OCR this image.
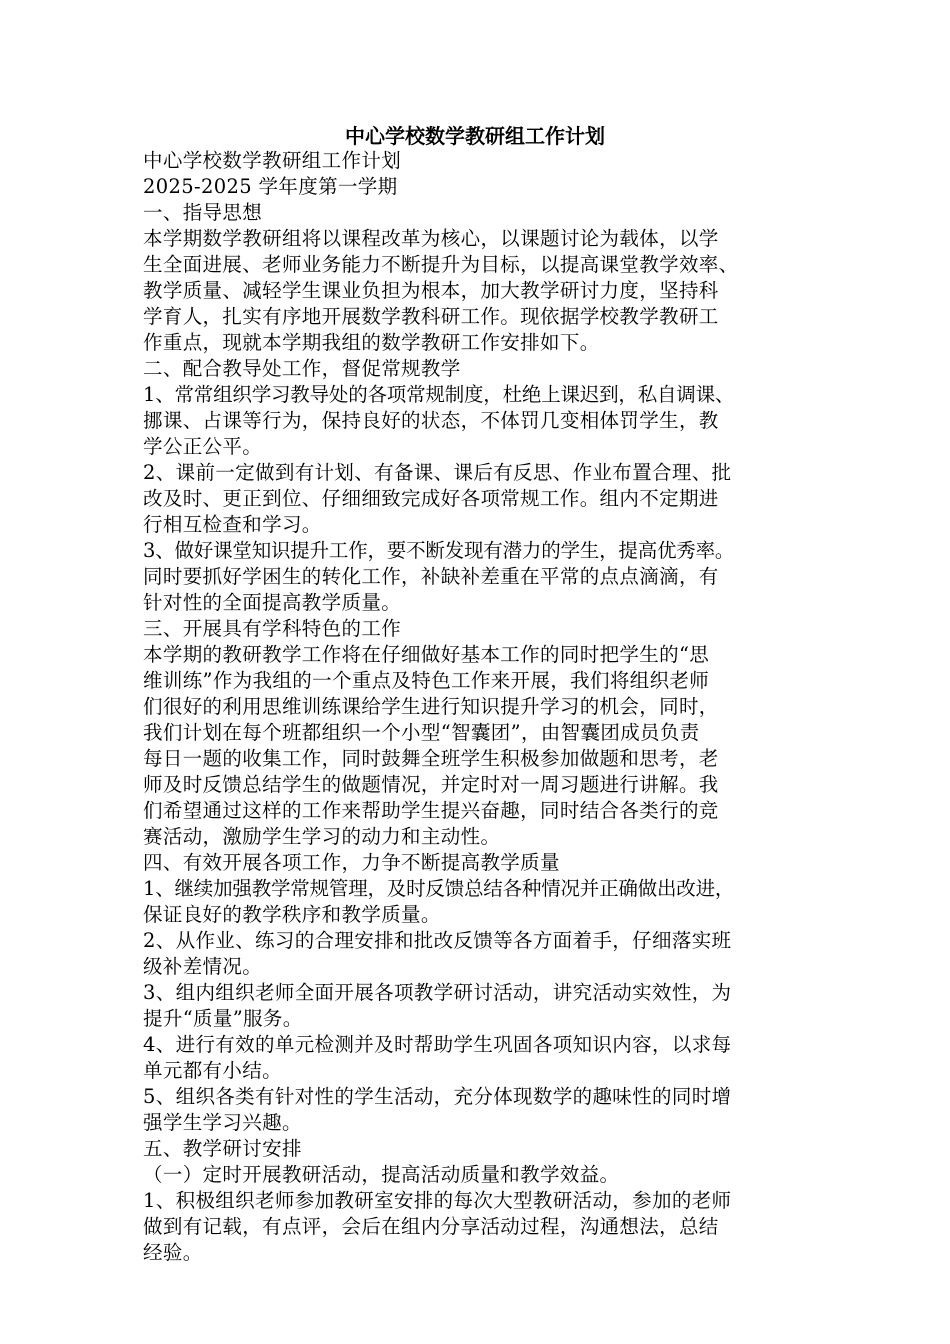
中心学校数学教研组工作计划
中心学校数学教研组工作计划
2025-2025 学年度第一学期
一、指导思想
本学期数学教研组将以课程改革为核心，以课题讨论为载体，以学
生全面进展、老师业务能力不断提升为目标，以提高课堂教学效率、
教学质量、减轻学生课业负担为根本，加大教学研讨力度，坚持科
学育人，扎实有序地开展数学教科研工作。现依据学校教学教研工
作重点，现就本学期我组的数学教研工作安排如下。
二、配合教导处工作，督促常规教学
1、常常组织学习教导处的各项常规制度，杜绝上课迟到，私自调课、
挪课、占课等行为，保持良好的状态，不体罚几变相体罚学生，教
学公正公平。
2、课前一定做到有计划、有备课、课后有反思、作业布置合理、批
改及时、更正到位、仔细细致完成好各项常规工作。组内不定期进
行相互检查和学习。
3、做好课堂知识提升工作，要不断发现有潜力的学生，提高优秀率。
同时要抓好学困生的转化工作，补缺补差重在平常的点点滴滴，有
针对性的全面提高教学质量。
三、开展具有学科特色的工作
本学期的教研教学工作将在仔细做好基本工作的同时把学生的“思
维训练”作为我组的一个重点及特色工作来开展，我们将组织老师
们很好的利用思维训练课给学生进行知识提升学习的机会，同时，
我们计划在每个班都组织一个小型“智囊团”，由智囊团成员负责
每日一题的收集工作，同时鼓舞全班学生积极参加做题和思考，老
师及时反馈总结学生的做题情况，并定时对一周习题进行讲解。我
们希望通过这样的工作来帮助学生提兴奋趣，同时结合各类行的竞
赛活动，激励学生学习的动力和主动性。
四、有效开展各项工作，力争不断提高教学质量
1、继续加强教学常规管理，及时反馈总结各种情况并正确做出改进，
保证良好的教学秩序和教学质量。
2、从作业、练习的合理安排和批改反馈等各方面着手，仔细落实班
级补差情况。
3、组内组织老师全面开展各项教学研讨活动，讲究活动实效性，为
提升“质量”服务。
4、进行有效的单元检测并及时帮助学生巩固各项知识内容，以求每
单元都有小结。
5、组织各类有针对性的学生活动，充分体现数学的趣味性的同时增
强学生学习兴趣。
五、教学研讨安排
（一）定时开展教研活动，提高活动质量和教学效益。
1、积极组织老师参加教研室安排的每次大型教研活动，参加的老师
做到有记载，有点评，会后在组内分享活动过程，沟通想法，总结
经验。
